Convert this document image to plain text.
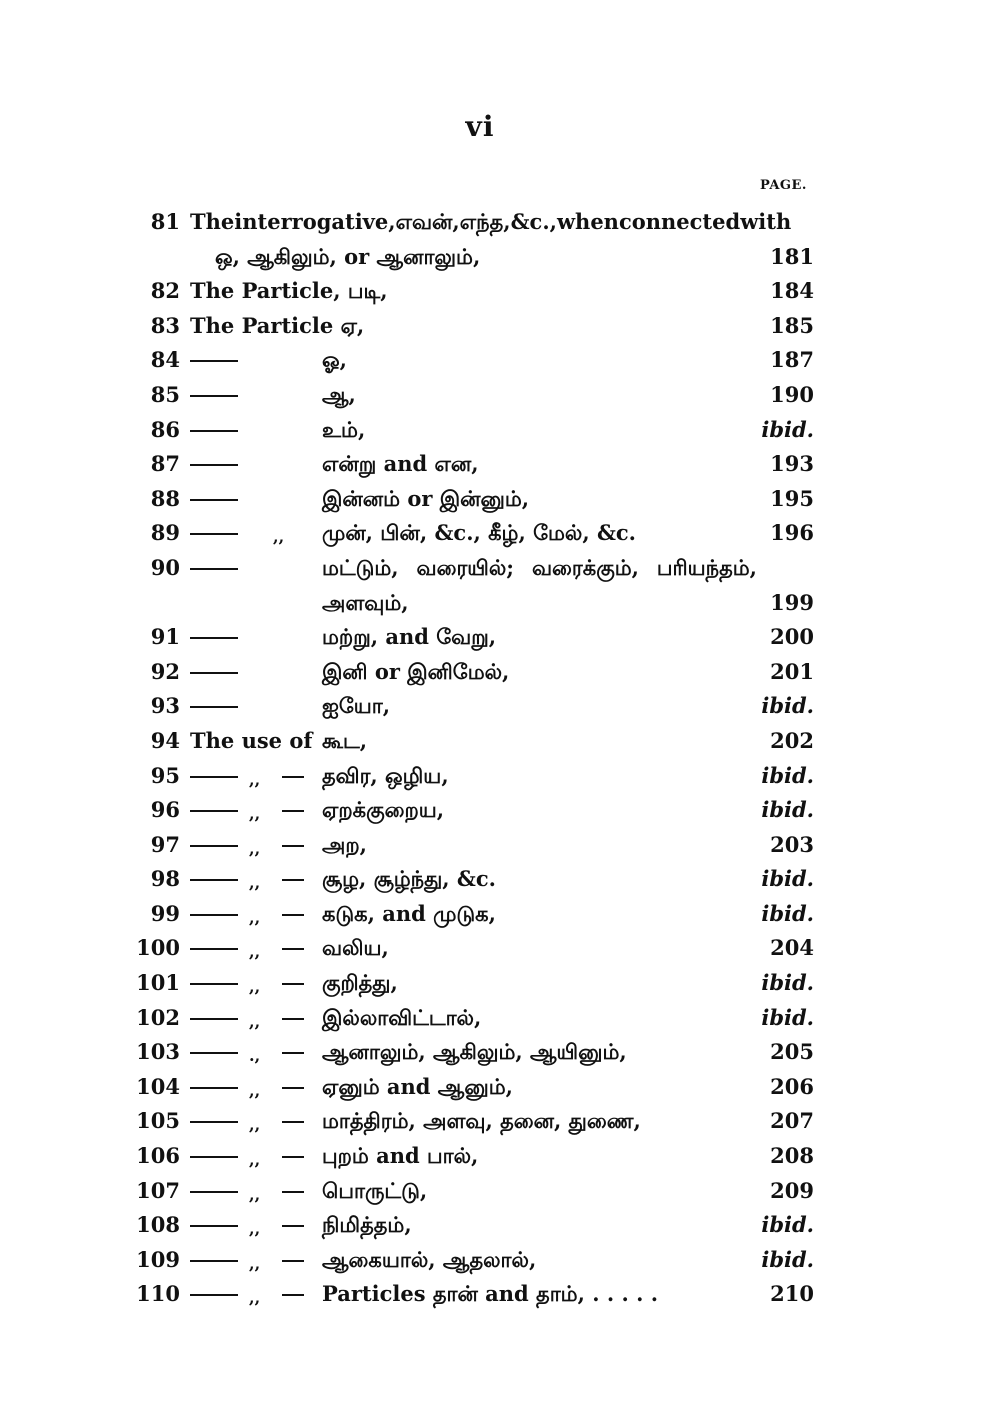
vi
PAGE.
81 The interrogative, எவன், எந்த, &c., when connected with
ஒ, ஆகிலும், or ஆனாலும்,	181
82 The Particle, படி,	184
83 The Particle ஏ,	185
84	ஓ,	187
85	ஆ,	190
86	உம்,	ibid.
87	என்று and என,	193
88	இன்னம் or இன்னும்,	195
89	,, முன், பின், &c., கீழ், மேல், &c.	196
90	மட்டும், வரையில்; வரைக்கும், பரியந்தம்,
அளவும்,	199
91	மற்று, and வேறு,	200
92	இனி or இனிமேல்,	201
93	ஐயோ,	ibid.
94 The use of கூட,	202
95	,,	தவிர, ஒழிய,	ibid.
96	,,	ஏறக்குறைய,	ibid.
97	,,	அற,	203
98	,,	சூழ, சூழ்ந்து, &c.	ibid.
99	,,	கடுக, and முடுக,	ibid.
100	,,	வலிய,	204
101	,,	குறித்து,	ibid.
102	,,	இல்லாவிட்டால்,	ibid.
103	.,	ஆனாலும், ஆகிலும், ஆயினும்,	205
104	,,	ஏனும் and ஆனும்,	206
105	,,	மாத்திரம், அளவு, தனை, துணை,	207
106	,,	புறம் and பால்,	208
107	,,	பொருட்டு,	209
108	,,	நிமித்தம்,	ibid.
109	,,	ஆகையால், ஆதலால்,	ibid.
110	,,	Particles தான் and தாம், . . . . .	210
